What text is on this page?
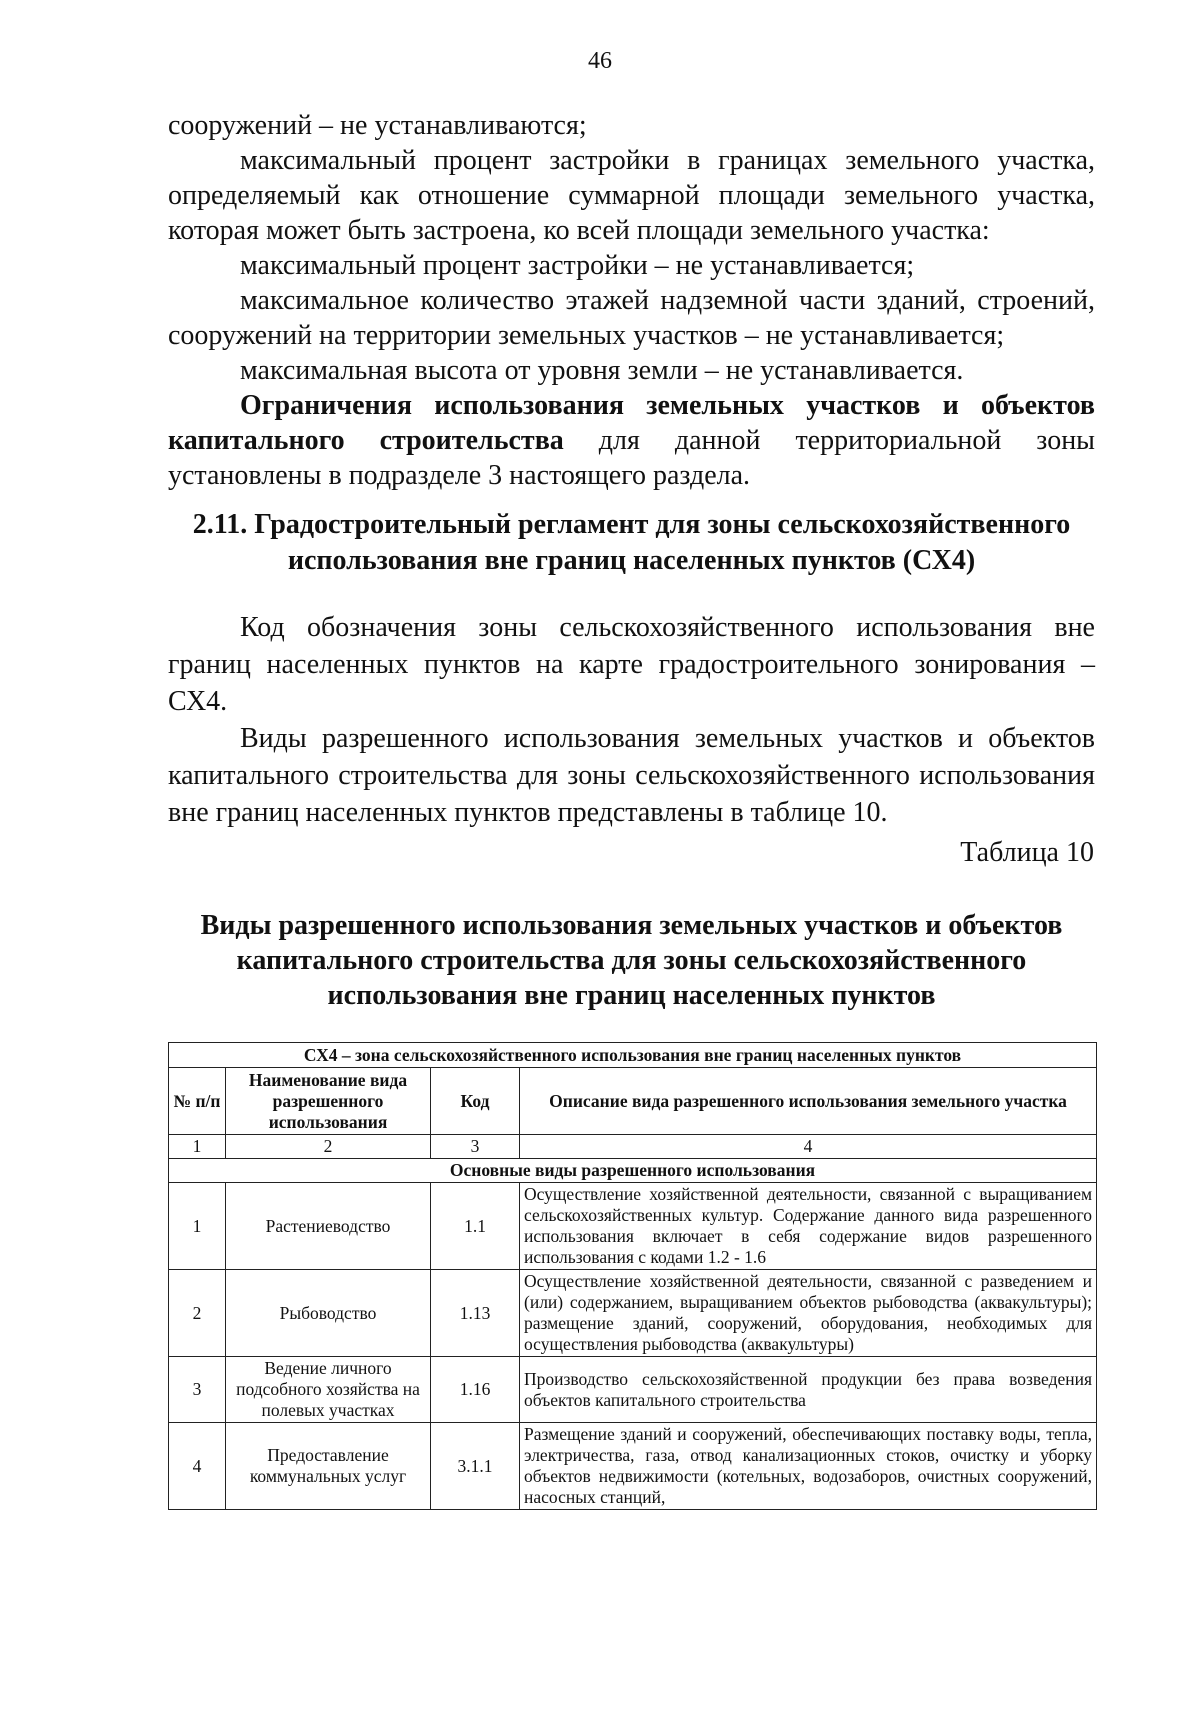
46

сооружений – не устанавливаются;

максимальный процент застройки в границах земельного участка, определяемый как отношение суммарной площади земельного участка, которая может быть застроена, ко всей площади земельного участка:

максимальный процент застройки – не устанавливается;

максимальное количество этажей надземной части зданий, строений, сооружений на территории земельных участков – не устанавливается;

максимальная высота от уровня земли – не устанавливается.

Ограничения использования земельных участков и объектов капитального строительства для данной территориальной зоны установлены в подразделе 3 настоящего раздела.

2.11. Градостроительный регламент для зоны сельскохозяйственного использования вне границ населенных пунктов (СХ4)

Код обозначения зоны сельскохозяйственного использования вне границ населенных пунктов на карте градостроительного зонирования – СХ4.

Виды разрешенного использования земельных участков и объектов капитального строительства для зоны сельскохозяйственного использования вне границ населенных пунктов представлены в таблице 10.

Таблица 10
Виды разрешенного использования земельных участков и объектов капитального строительства для зоны сельскохозяйственного использования вне границ населенных пунктов
СХ4 – зона сельскохозяйственного использования вне границ населенных пунктов			
№ п/п	Наименование вида разрешенного использования	Код	Описание вида разрешенного использования земельного участка
1	2	3	4
Основные виды разрешенного использования			
1	Растениеводство	1.1	Осуществление хозяйственной деятельности, связанной с выращиванием сельскохозяйственных культур. Содержание данного вида разрешенного использования включает в себя содержание видов разрешенного использования с кодами 1.2 - 1.6
2	Рыбоводство	1.13	Осуществление хозяйственной деятельности, связанной с разведением и (или) содержанием, выращиванием объектов рыбоводства (аквакультуры); размещение зданий, сооружений, оборудования, необходимых для осуществления рыбоводства (аквакультуры)
3	Ведение личного подсобного хозяйства на полевых участках	1.16	Производство сельскохозяйственной продукции без права возведения объектов капитального строительства
4	Предоставление коммунальных услуг	3.1.1	Размещение зданий и сооружений, обеспечивающих поставку воды, тепла, электричества, газа, отвод канализационных стоков, очистку и уборку объектов недвижимости (котельных, водозаборов, очистных сооружений, насосных станций,
